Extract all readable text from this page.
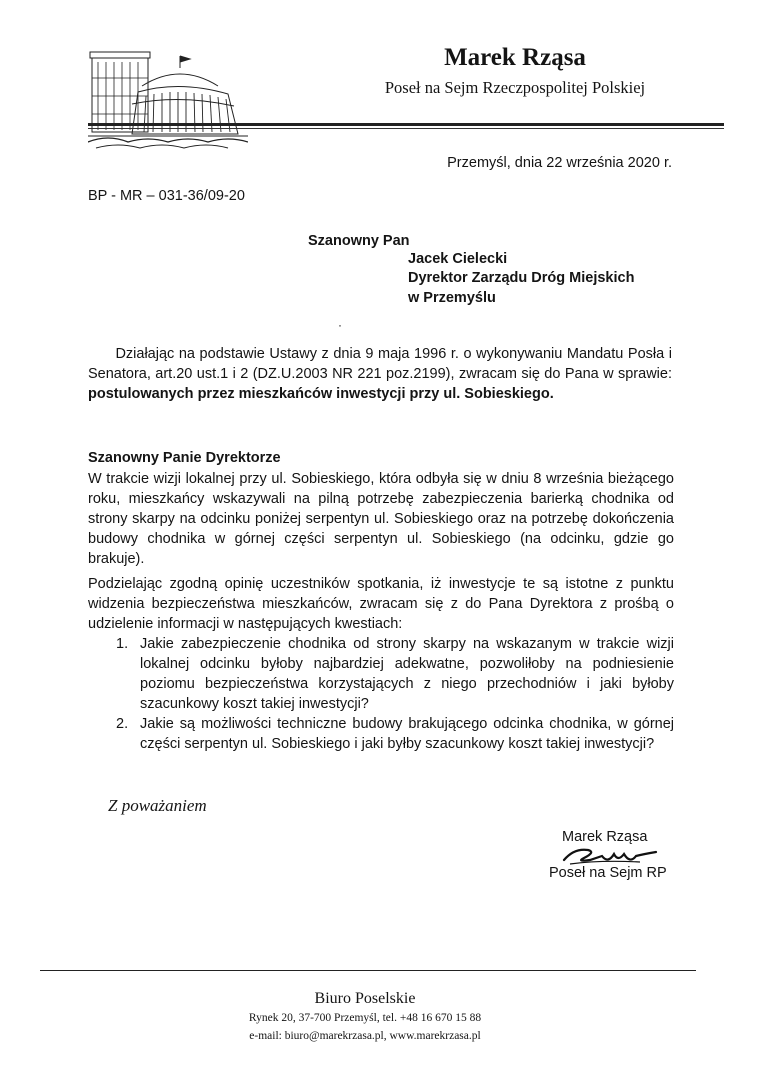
Marek Rząsa
Poseł na Sejm Rzeczpospolitej Polskiej
Przemyśl, dnia 22 września 2020 r.
BP - MR – 031-36/09-20
Szanowny Pan
Jacek Cielecki
Dyrektor Zarządu Dróg Miejskich
w Przemyślu
·

Działając na podstawie Ustawy z dnia 9 maja 1996 r. o wykonywaniu Mandatu Posła i Senatora, art.20 ust.1 i 2 (DZ.U.2003 NR 221 poz.2199), zwracam się do Pana w sprawie: postulowanych przez mieszkańców inwestycji przy ul. Sobieskiego.

Szanowny Panie Dyrektorze

W trakcie wizji lokalnej przy ul. Sobieskiego, która odbyła się w dniu 8 września bieżącego roku, mieszkańcy wskazywali na pilną potrzebę zabezpieczenia barierką chodnika od strony skarpy na odcinku poniżej serpentyn ul. Sobieskiego oraz na potrzebę dokończenia budowy chodnika w górnej części serpentyn ul. Sobieskiego (na odcinku, gdzie go brakuje).

Podzielając zgodną opinię uczestników spotkania, iż inwestycje te są istotne z punktu widzenia bezpieczeństwa mieszkańców, zwracam się z do Pana Dyrektora z prośbą o udzielenie informacji w następujących kwestiach:

1. Jakie zabezpieczenie chodnika od strony skarpy na wskazanym w trakcie wizji lokalnej odcinku byłoby najbardziej adekwatne, pozwoliłoby na podniesienie poziomu bezpieczeństwa korzystających z niego przechodniów i jaki byłoby szacunkowy koszt takiej inwestycji?
2. Jakie są możliwości techniczne budowy brakującego odcinka chodnika, w górnej części serpentyn ul. Sobieskiego i jaki byłby szacunkowy koszt takiej inwestycji?
Z poważaniem
Marek Rząsa
Poseł na Sejm RP
Biuro Poselskie
Rynek 20, 37-700 Przemyśl, tel. +48 16 670 15 88
e-mail: biuro@marekrzasa.pl, www.marekrzasa.pl
